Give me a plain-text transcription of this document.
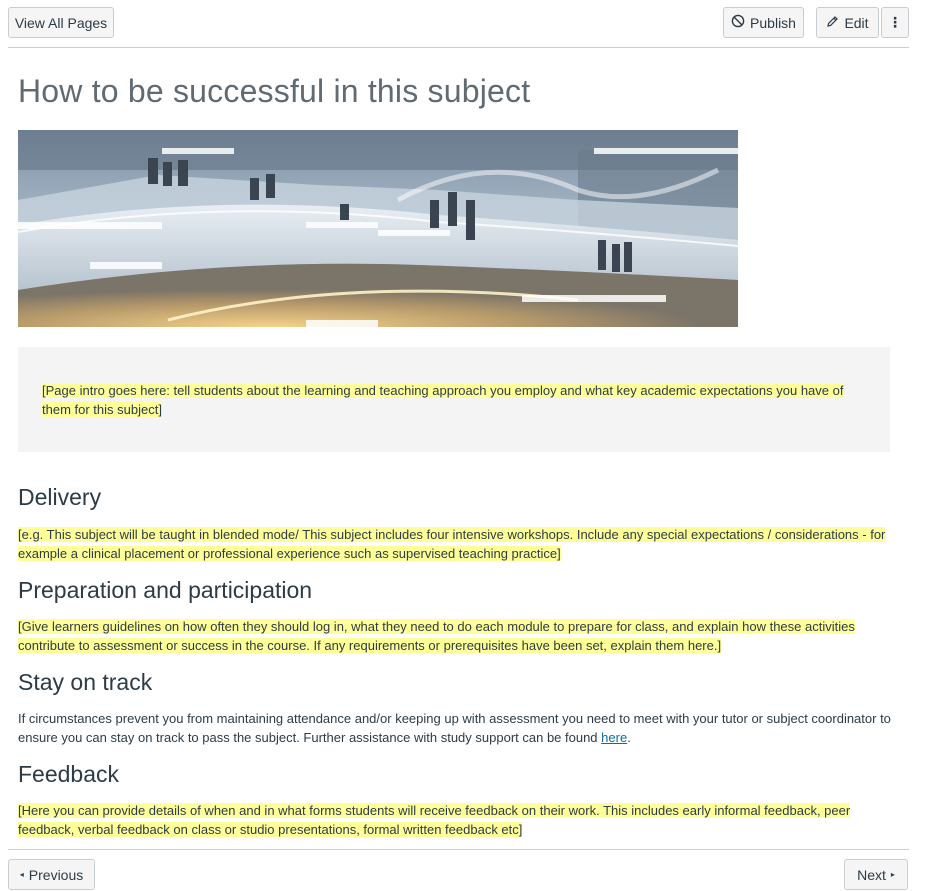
View All Pages	Publish	Edit ⋮
How to be successful in this subject
[Page intro goes here: tell students about the learning and teaching approach you employ and what key academic expectations you have of them for this subject]
Delivery

[e.g. This subject will be taught in blended mode/ This subject includes four intensive workshops. Include any special expectations / considerations - for example a clinical placement or professional experience such as supervised teaching practice]

Preparation and participation

[Give learners guidelines on how often they should log in, what they need to do each module to prepare for class, and explain how these activities contribute to assessment or success in the course. If any requirements or prerequisites have been set, explain them here.]

Stay on track

If circumstances prevent you from maintaining attendance and/or keeping up with assessment you need to meet with your tutor or subject coordinator to ensure you can stay on track to pass the subject. Further assistance with study support can be found here.

Feedback

[Here you can provide details of when and in what forms students will receive feedback on their work. This includes early informal feedback, peer feedback, verbal feedback on class or studio presentations, formal written feedback etc]

◂ Previous	Next ▸
